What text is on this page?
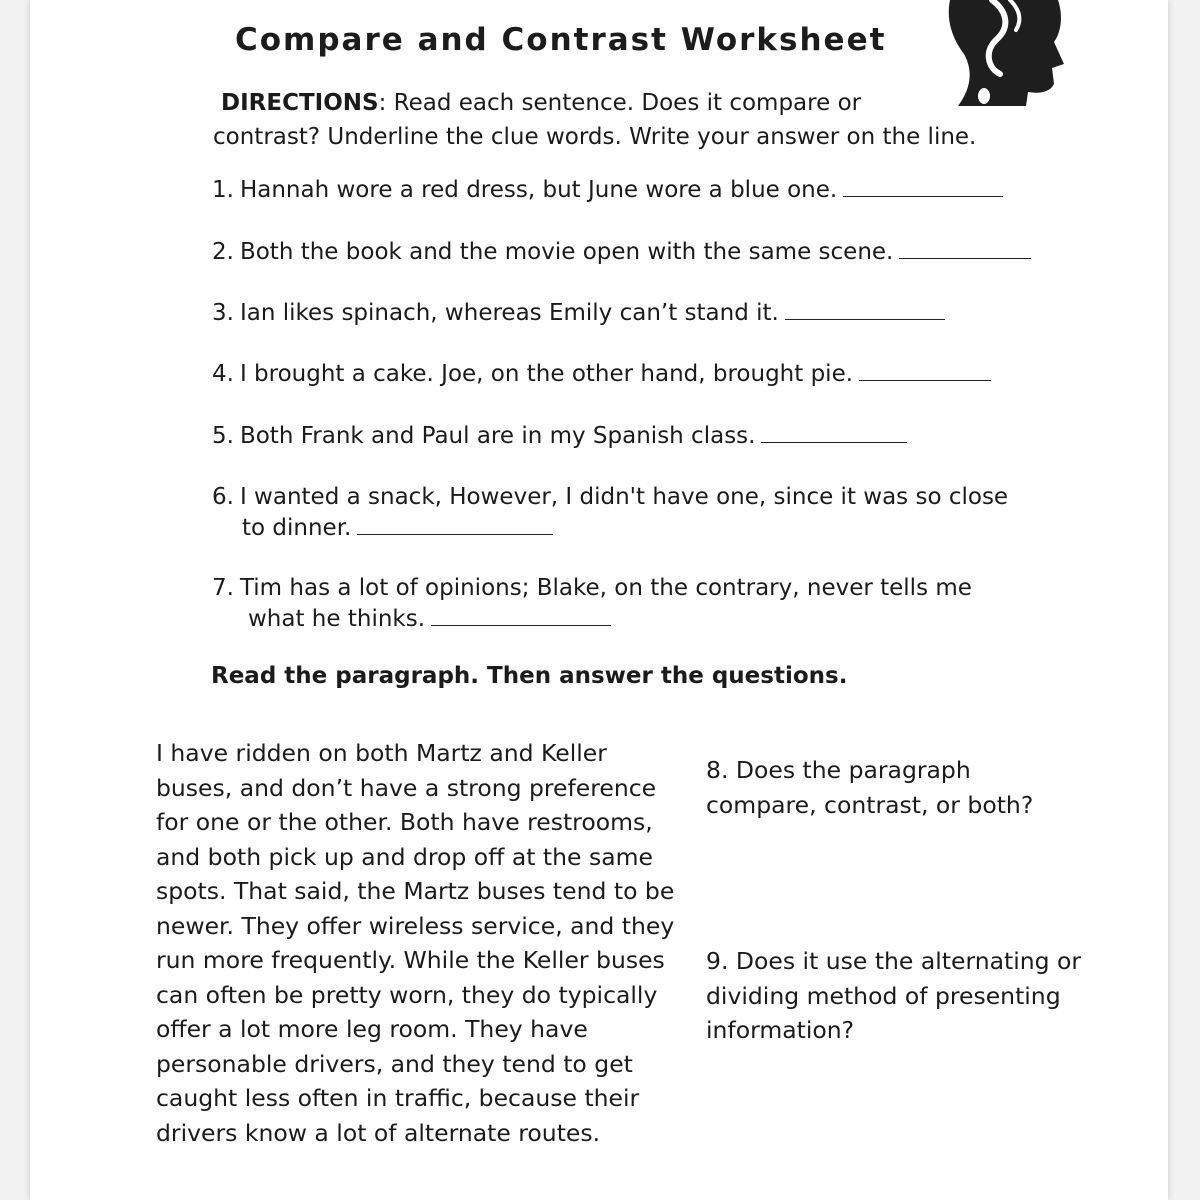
Compare and Contrast Worksheet
DIRECTIONS: Read each sentence. Does it compare or
contrast? Underline the clue words. Write your answer on the line.
1. Hannah wore a red dress, but June wore a blue one.
2. Both the book and the movie open with the same scene.
3. Ian likes spinach, whereas Emily can’t stand it.
4. I brought a cake. Joe, on the other hand, brought pie.
5. Both Frank and Paul are in my Spanish class.
6. I wanted a snack, However, I didn't have one, since it was so close
to dinner.
7. Tim has a lot of opinions; Blake, on the contrary, never tells me
what he thinks.
Read the paragraph. Then answer the questions.
I have ridden on both Martz and Keller
buses, and don’t have a strong preference
for one or the other. Both have restrooms,
and both pick up and drop off at the same
spots. That said, the Martz buses tend to be
newer. They offer wireless service, and they
run more frequently. While the Keller buses
can often be pretty worn, they do typically
offer a lot more leg room. They have
personable drivers, and they tend to get
caught less often in traffic, because their
drivers know a lot of alternate routes.
8. Does the paragraph
compare, contrast, or both?
9. Does it use the alternating or
dividing method of presenting
information?
